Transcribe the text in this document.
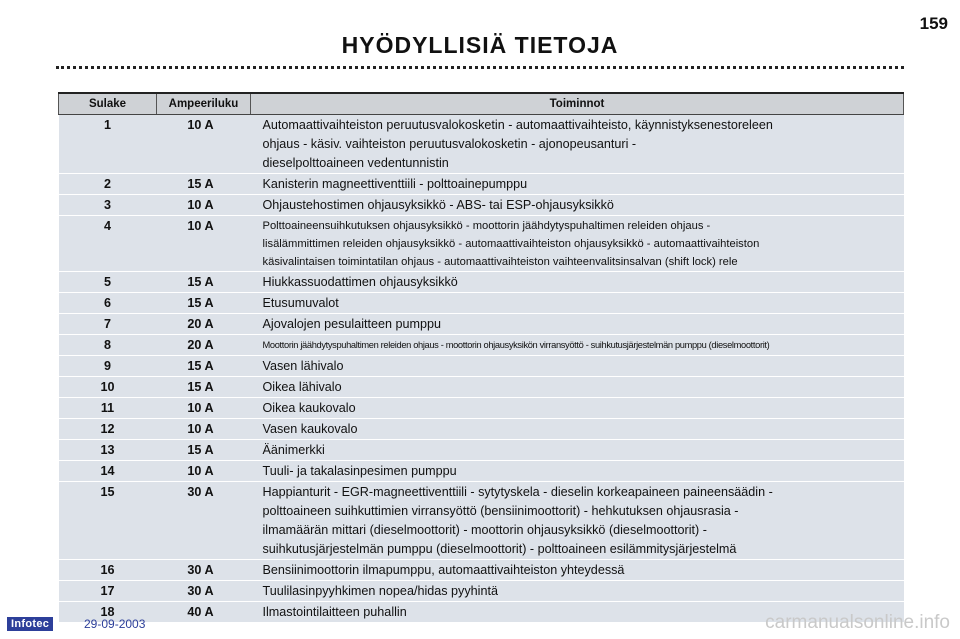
159
HYÖDYLLISIÄ TIETOJA
Sulake	Ampeeriluku	Toiminnot
1	10 A	Automaattivaihteiston peruutusvalokosketin - automaattivaihteisto, käynnistyksenestoreleen
ohjaus - käsiv. vaihteiston peruutusvalokosketin - ajonopeusanturi -
dieselpolttoaineen vedentunnistin

2	15 A	Kanisterin magneettiventtiili - polttoainepumppu

3	10 A	Ohjaustehostimen ohjausyksikkö - ABS- tai ESP-ohjausyksikkö

4	10 A	Polttoaineensuihkutuksen ohjausyksikkö - moottorin jäähdytyspuhaltimen releiden ohjaus -
lisälämmittimen releiden ohjausyksikkö - automaattivaihteiston ohjausyksikkö - automaattivaihteiston
käsivalintaisen toimintatilan ohjaus - automaattivaihteiston vaihteenvalitsinsalvan (shift lock) rele

5	15 A	Hiukkassuodattimen ohjausyksikkö

6	15 A	Etusumuvalot

7	20 A	Ajovalojen pesulaitteen pumppu

8	20 A	Moottorin jäähdytyspuhaltimen releiden ohjaus - moottorin ohjausyksikön virransyöttö - suihkutusjärjestelmän pumppu (dieselmoottorit)

9	15 A	Vasen lähivalo

10	15 A	Oikea lähivalo

11	10 A	Oikea kaukovalo

12	10 A	Vasen kaukovalo

13	15 A	Äänimerkki

14	10 A	Tuuli- ja takalasinpesimen pumppu

15	30 A	Happianturit - EGR-magneettiventtiili - sytytyskela - dieselin korkeapaineen paineensäädin -
polttoaineen suihkuttimien virransyöttö (bensiinimoottorit) - hehkutuksen ohjausrasia -
ilmamäärän mittari (dieselmoottorit) - moottorin ohjausyksikkö (dieselmoottorit) -
suihkutusjärjestelmän pumppu (dieselmoottorit) - polttoaineen esilämmitysjärjestelmä

16	30 A	Bensiinimoottorin ilmapumppu, automaattivaihteiston yhteydessä

17	30 A	Tuulilasinpyyhkimen nopea/hidas pyyhintä

18	40 A	Ilmastointilaitteen puhallin
Infotec	29-09-2003	carmanualsonline.info
